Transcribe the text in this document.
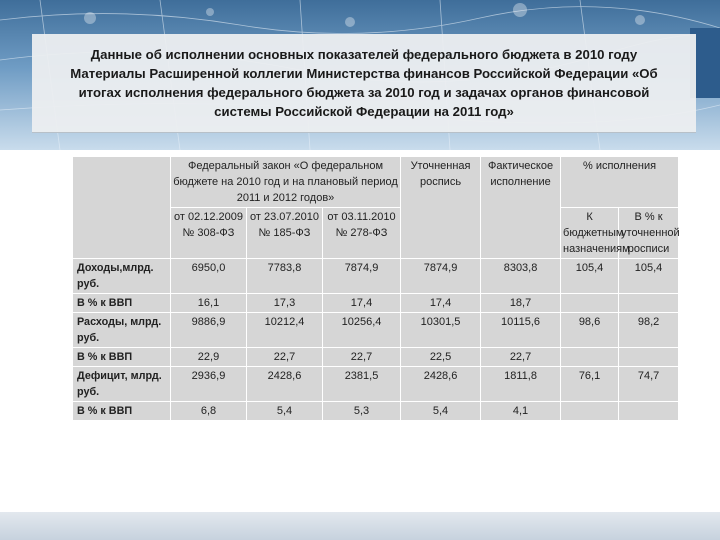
Данные об исполнении основных показателей федерального бюджета в 2010 году
Материалы Расширенной коллегии Министерства финансов Российской Федерации «Об
итогах исполнения федерального бюджета за 2010 год и задачах органов финансовой
системы Российской Федерации на 2011 год»

	Федеральный закон «О федеральном бюджете на 2010 год и на плановый период 2011 и 2012 годов»			Уточненная роспись	Фактическое исполнение	% исполнения	
	от 02.12.2009 № 308-ФЗ	от 23.07.2010 № 185-ФЗ	от 03.11.2010 № 278-ФЗ			К бюджетным назначениям	В % к уточненной росписи
Доходы,млрд. руб.	6950,0	7783,8	7874,9	7874,9	8303,8	105,4	105,4
В % к ВВП	16,1	17,3	17,4	17,4	18,7		
Расходы, млрд. руб.	9886,9	10212,4	10256,4	10301,5	10115,6	98,6	98,2
В % к ВВП	22,9	22,7	22,7	22,5	22,7		
Дефицит, млрд. руб.	2936,9	2428,6	2381,5	2428,6	1811,8	76,1	74,7
В % к ВВП	6,8	5,4	5,3	5,4	4,1		
